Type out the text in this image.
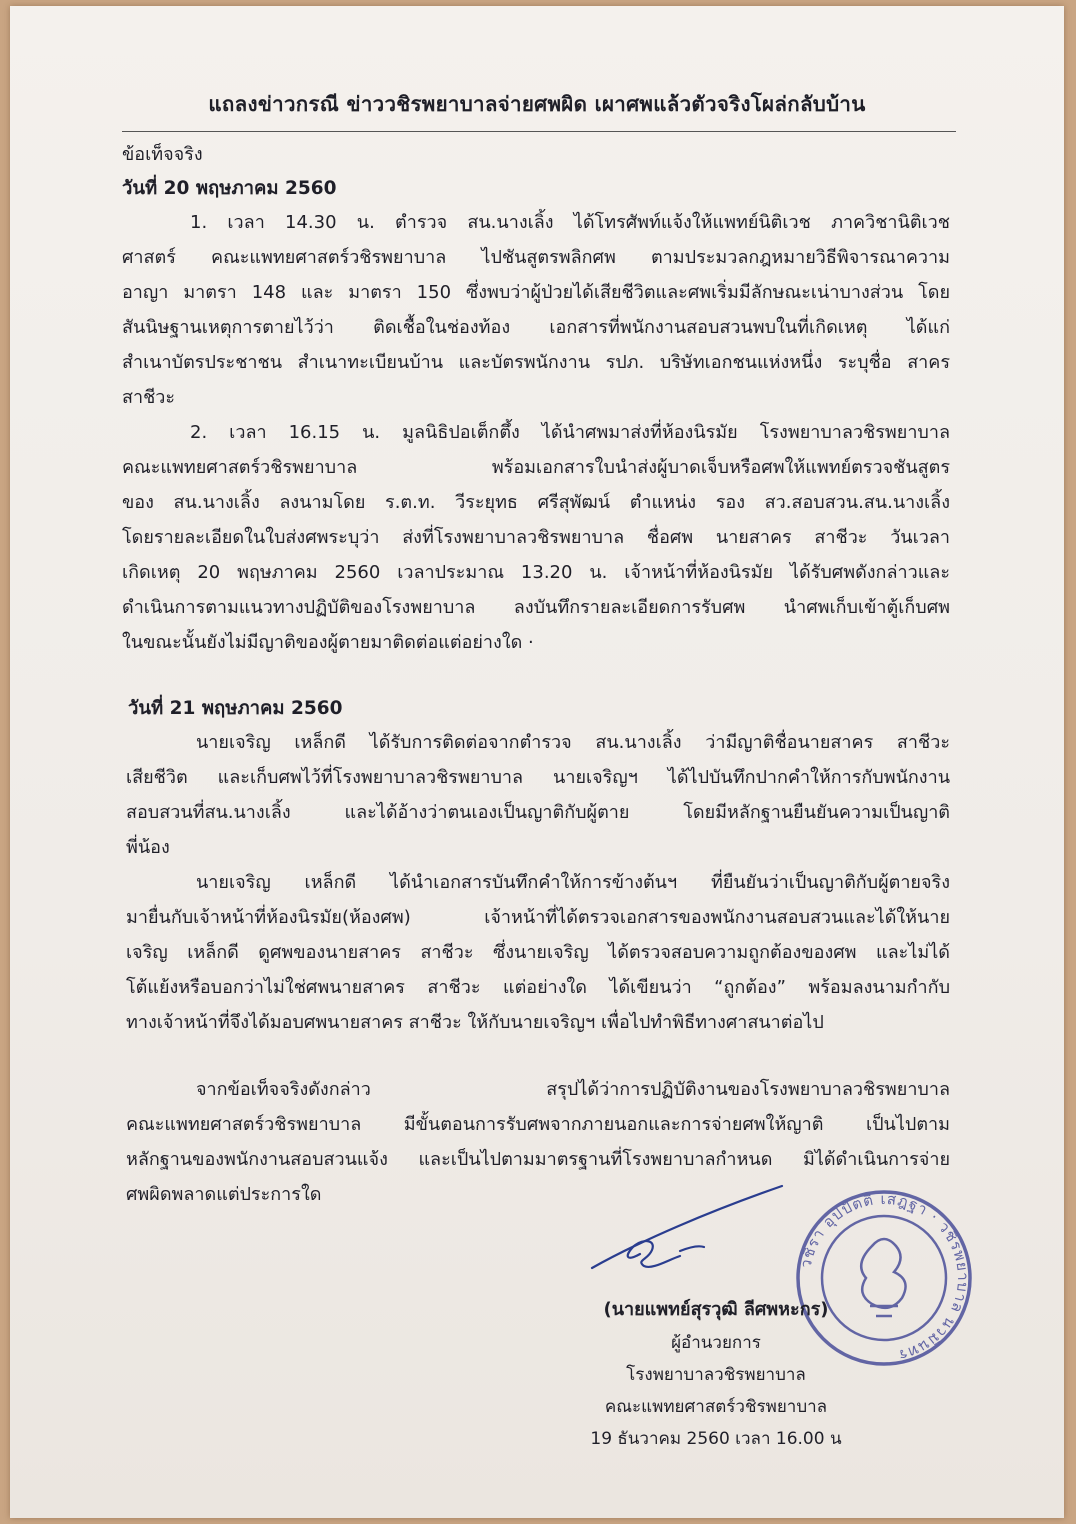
แถลงข่าวกรณี ข่าววชิรพยาบาลจ่ายศพผิด เผาศพแล้วตัวจริงโผล่กลับบ้าน
ข้อเท็จจริง
วันที่ 20 พฤษภาคม 2560
1. เวลา 14.30 น. ตำรวจ สน.นางเลิ้ง ได้โทรศัพท์แจ้งให้แพทย์นิติเวช ภาควิชานิติเวช
ศาสตร์ คณะแพทยศาสตร์วชิรพยาบาล ไปชันสูตรพลิกศพ ตามประมวลกฎหมายวิธีพิจารณาความ
อาญา มาตรา 148 และ มาตรา 150 ซึ่งพบว่าผู้ป่วยได้เสียชีวิตและศพเริ่มมีลักษณะเน่าบางส่วน โดย
สันนิษฐานเหตุการตายไว้ว่า ติดเชื้อในช่องท้อง เอกสารที่พนักงานสอบสวนพบในที่เกิดเหตุ ได้แก่
สำเนาบัตรประชาชน สำเนาทะเบียนบ้าน และบัตรพนักงาน รปภ. บริษัทเอกชนแห่งหนึ่ง ระบุชื่อ สาคร
สาชีวะ
2. เวลา 16.15 น. มูลนิธิปอเต็กตึ้ง ได้นำศพมาส่งที่ห้องนิรมัย โรงพยาบาลวชิรพยาบาล
คณะแพทยศาสตร์วชิรพยาบาล พร้อมเอกสารใบนำส่งผู้บาดเจ็บหรือศพให้แพทย์ตรวจชันสูตร
ของ สน.นางเลิ้ง ลงนามโดย ร.ต.ท. วีระยุทธ ศรีสุพัฒน์ ตำแหน่ง รอง สว.สอบสวน.สน.นางเลิ้ง
โดยรายละเอียดในใบส่งศพระบุว่า ส่งที่โรงพยาบาลวชิรพยาบาล ชื่อศพ นายสาคร สาชีวะ วันเวลา
เกิดเหตุ 20 พฤษภาคม 2560 เวลาประมาณ 13.20 น. เจ้าหน้าที่ห้องนิรมัย ได้รับศพดังกล่าวและ
ดำเนินการตามแนวทางปฏิบัติของโรงพยาบาล ลงบันทึกรายละเอียดการรับศพ นำศพเก็บเข้าตู้เก็บศพ
ในขณะนั้นยังไม่มีญาติของผู้ตายมาติดต่อแต่อย่างใด ·
วันที่ 21 พฤษภาคม 2560
นายเจริญ เหล็กดี ได้รับการติดต่อจากตำรวจ สน.นางเลิ้ง ว่ามีญาติชื่อนายสาคร สาชีวะ
เสียชีวิต และเก็บศพไว้ที่โรงพยาบาลวชิรพยาบาล นายเจริญฯ ได้ไปบันทึกปากคำให้การกับพนักงาน
สอบสวนที่สน.นางเลิ้ง และได้อ้างว่าตนเองเป็นญาติกับผู้ตาย โดยมีหลักฐานยืนยันความเป็นญาติ
พี่น้อง
นายเจริญ เหล็กดี ได้นำเอกสารบันทึกคำให้การข้างต้นฯ ที่ยืนยันว่าเป็นญาติกับผู้ตายจริง
มายื่นกับเจ้าหน้าที่ห้องนิรมัย(ห้องศพ) เจ้าหน้าที่ได้ตรวจเอกสารของพนักงานสอบสวนและได้ให้นาย
เจริญ เหล็กดี ดูศพของนายสาคร สาชีวะ ซึ่งนายเจริญ ได้ตรวจสอบความถูกต้องของศพ และไม่ได้
โต้แย้งหรือบอกว่าไม่ใช่ศพนายสาคร สาชีวะ แต่อย่างใด ได้เขียนว่า “ถูกต้อง” พร้อมลงนามกำกับ
ทางเจ้าหน้าที่จึงได้มอบศพนายสาคร สาชีวะ ให้กับนายเจริญฯ เพื่อไปทำพิธีทางศาสนาต่อไป
จากข้อเท็จจริงดังกล่าว สรุปได้ว่าการปฏิบัติงานของโรงพยาบาลวชิรพยาบาล
คณะแพทยศาสตร์วชิรพยาบาล มีขั้นตอนการรับศพจากภายนอกและการจ่ายศพให้ญาติ เป็นไปตาม
หลักฐานของพนักงานสอบสวนแจ้ง และเป็นไปตามมาตรฐานที่โรงพยาบาลกำหนด มิได้ดำเนินการจ่าย
ศพผิดพลาดแต่ประการใด
วชิรา อุปปัตติ เสฎฐา · วชิรพยาบาล นวมินทร
(นายแพทย์สุรวุฒิ ลีศพหะกร)
ผู้อำนวยการ
โรงพยาบาลวชิรพยาบาล
คณะแพทยศาสตร์วชิรพยาบาล
19 ธันวาคม 2560 เวลา 16.00 น
